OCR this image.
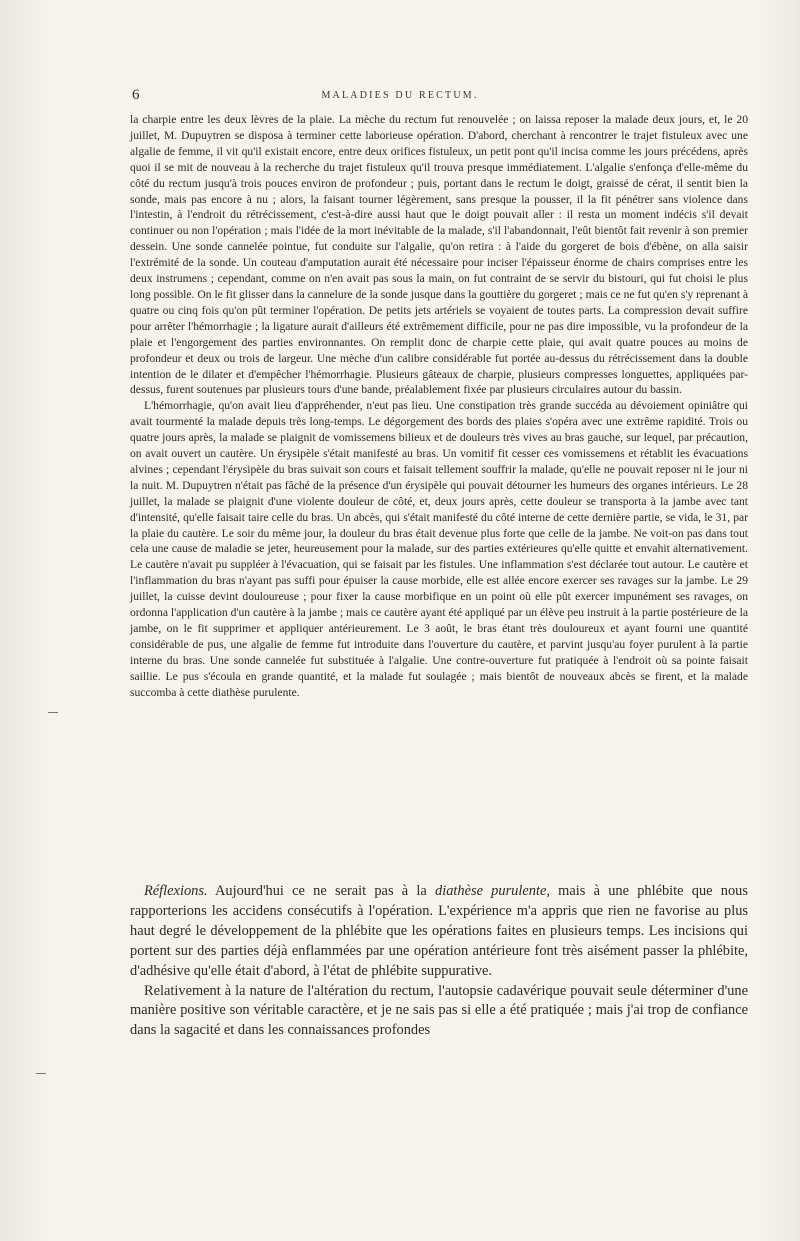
6	MALADIES DU RECTUM.

la charpie entre les deux lèvres de la plaie. La mèche du rectum fut renouvelée ; on laissa reposer la malade deux jours, et, le 20 juillet, M. Dupuytren se disposa à terminer cette laborieuse opération. D'abord, cherchant à rencontrer le trajet fistuleux avec une algalie de femme, il vit qu'il existait encore, entre deux orifices fistuleux, un petit pont qu'il incisa comme les jours précédens, après quoi il se mit de nouveau à la recherche du trajet fistuleux qu'il trouva presque immédiatement. L'algalie s'enfonça d'elle-même du côté du rectum jusqu'à trois pouces environ de profondeur ; puis, portant dans le rectum le doigt, graissé de cérat, il sentit bien la sonde, mais pas encore à nu ; alors, la faisant tourner légèrement, sans presque la pousser, il la fit pénétrer sans violence dans l'intestin, à l'endroit du rétrécissement, c'est-à-dire aussi haut que le doigt pouvait aller : il resta un moment indécis s'il devait continuer ou non l'opération ; mais l'idée de la mort inévitable de la malade, s'il l'abandonnait, l'eût bientôt fait revenir à son premier dessein. Une sonde cannelée pointue, fut conduite sur l'algalie, qu'on retira : à l'aide du gorgeret de bois d'ébène, on alla saisir l'extrémité de la sonde. Un couteau d'amputation aurait été nécessaire pour inciser l'épaisseur énorme de chairs comprises entre les deux instrumens ; cependant, comme on n'en avait pas sous la main, on fut contraint de se servir du bistouri, qui fut choisi le plus long possible. On le fit glisser dans la cannelure de la sonde jusque dans la gouttière du gorgeret ; mais ce ne fut qu'en s'y reprenant à quatre ou cinq fois qu'on pût terminer l'opération. De petits jets artériels se voyaient de toutes parts. La compression devait suffire pour arrêter l'hémorrhagie ; la ligature aurait d'ailleurs été extrêmement difficile, pour ne pas dire impossible, vu la profondeur de la plaie et l'engorgement des parties environnantes. On remplit donc de charpie cette plaie, qui avait quatre pouces au moins de profondeur et deux ou trois de largeur. Une mèche d'un calibre considérable fut portée au-dessus du rétrécissement dans la double intention de le dilater et d'empêcher l'hémorrhagie. Plusieurs gâteaux de charpie, plusieurs compresses longuettes, appliquées par-dessus, furent soutenues par plusieurs tours d'une bande, préalablement fixée par plusieurs circulaires autour du bassin.

L'hémorrhagie, qu'on avait lieu d'appréhender, n'eut pas lieu. Une constipation très grande succéda au dévoiement opiniâtre qui avait tourmenté la malade depuis très long-temps. Le dégorgement des bords des plaies s'opéra avec une extrême rapidité. Trois ou quatre jours après, la malade se plaignit de vomissemens bilieux et de douleurs très vives au bras gauche, sur lequel, par précaution, on avait ouvert un cautère. Un érysipèle s'était manifesté au bras. Un vomitif fit cesser ces vomissemens et rétablit les évacuations alvines ; cependant l'érysipèle du bras suivait son cours et faisait tellement souffrir la malade, qu'elle ne pouvait reposer ni le jour ni la nuit. M. Dupuytren n'était pas fâché de la présence d'un érysipèle qui pouvait détourner les humeurs des organes intérieurs. Le 28 juillet, la malade se plaignit d'une violente douleur de côté, et, deux jours après, cette douleur se transporta à la jambe avec tant d'intensité, qu'elle faisait taire celle du bras. Un abcès, qui s'était manifesté du côté interne de cette dernière partie, se vida, le 31, par la plaie du cautère. Le soir du même jour, la douleur du bras était devenue plus forte que celle de la jambe. Ne voit-on pas dans tout cela une cause de maladie se jeter, heureusement pour la malade, sur des parties extérieures qu'elle quitte et envahit alternativement. Le cautère n'avait pu suppléer à l'évacuation, qui se faisait par les fistules. Une inflammation s'est déclarée tout autour. Le cautère et l'inflammation du bras n'ayant pas suffi pour épuiser la cause morbide, elle est allée encore exercer ses ravages sur la jambe. Le 29 juillet, la cuisse devint douloureuse ; pour fixer la cause morbifique en un point où elle pût exercer impunément ses ravages, on ordonna l'application d'un cautère à la jambe ; mais ce cautère ayant été appliqué par un élève peu instruit à la partie postérieure de la jambe, on le fit supprimer et appliquer antérieurement. Le 3 août, le bras étant très douloureux et ayant fourni une quantité considérable de pus, une algalie de femme fut introduite dans l'ouverture du cautère, et parvint jusqu'au foyer purulent à la partie interne du bras. Une sonde cannelée fut substituée à l'algalie. Une contre-ouverture fut pratiquée à l'endroit où sa pointe faisait saillie. Le pus s'écoula en grande quantité, et la malade fut soulagée ; mais bientôt de nouveaux abcès se firent, et la malade succomba à cette diathèse purulente.

Réflexions. Aujourd'hui ce ne serait pas à la diathèse purulente, mais à une phlébite que nous rapporterions les accidens consécutifs à l'opération. L'expérience m'a appris que rien ne favorise au plus haut degré le développement de la phlébite que les opérations faites en plusieurs temps. Les incisions qui portent sur des parties déjà enflammées par une opération antérieure font très aisément passer la phlébite, d'adhésive qu'elle était d'abord, à l'état de phlébite suppurative.

Relativement à la nature de l'altération du rectum, l'autopsie cadavérique pouvait seule déterminer d'une manière positive son véritable caractère, et je ne sais pas si elle a été pratiquée ; mais j'ai trop de confiance dans la sagacité et dans les connaissances profondes
